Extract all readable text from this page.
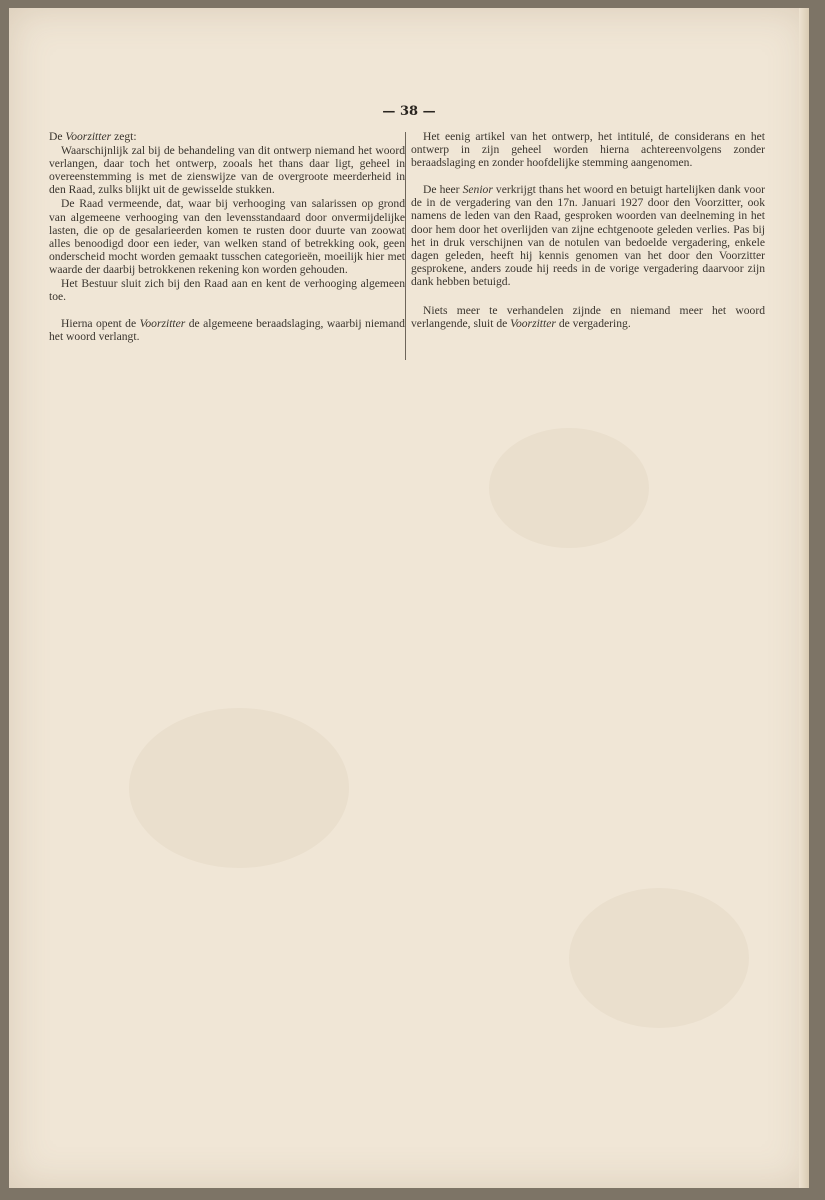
— 38 —

De Voorzitter zegt:

Waarschijnlijk zal bij de behandeling van dit ontwerp niemand het woord verlangen, daar toch het ontwerp, zooals het thans daar ligt, geheel in overeenstemming is met de zienswijze van de overgroote meerderheid in den Raad, zulks blijkt uit de gewisselde stukken.

De Raad vermeende, dat, waar bij verhooging van salarissen op grond van algemeene verhooging van den levensstandaard door onvermijdelijke lasten, die op de gesalarieerden komen te rusten door duurte van zoowat alles benoodigd door een ieder, van welken stand of betrekking ook, geen onderscheid mocht worden gemaakt tusschen categorieën, moeilijk hier met waarde der daarbij betrokkenen rekening kon worden gehouden.

Het Bestuur sluit zich bij den Raad aan en kent de verhooging algemeen toe.

Hierna opent de Voorzitter de algemeene beraadslaging, waarbij niemand het woord verlangt.

Het eenig artikel van het ontwerp, het intitulé, de considerans en het ontwerp in zijn geheel worden hierna achtereenvolgens zonder beraadslaging en zonder hoofdelijke stemming aangenomen.

De heer Senior verkrijgt thans het woord en betuigt hartelijken dank voor de in de vergadering van den 17n. Januari 1927 door den Voorzitter, ook namens de leden van den Raad, gesproken woorden van deelneming in het door hem door het overlijden van zijne echtgenoote geleden verlies. Pas bij het in druk verschijnen van de notulen van bedoelde vergadering, enkele dagen geleden, heeft hij kennis genomen van het door den Voorzitter gesprokene, anders zoude hij reeds in de vorige vergadering daarvoor zijn dank hebben betuigd.

Niets meer te verhandelen zijnde en niemand meer het woord verlangende, sluit de Voorzitter de vergadering.
